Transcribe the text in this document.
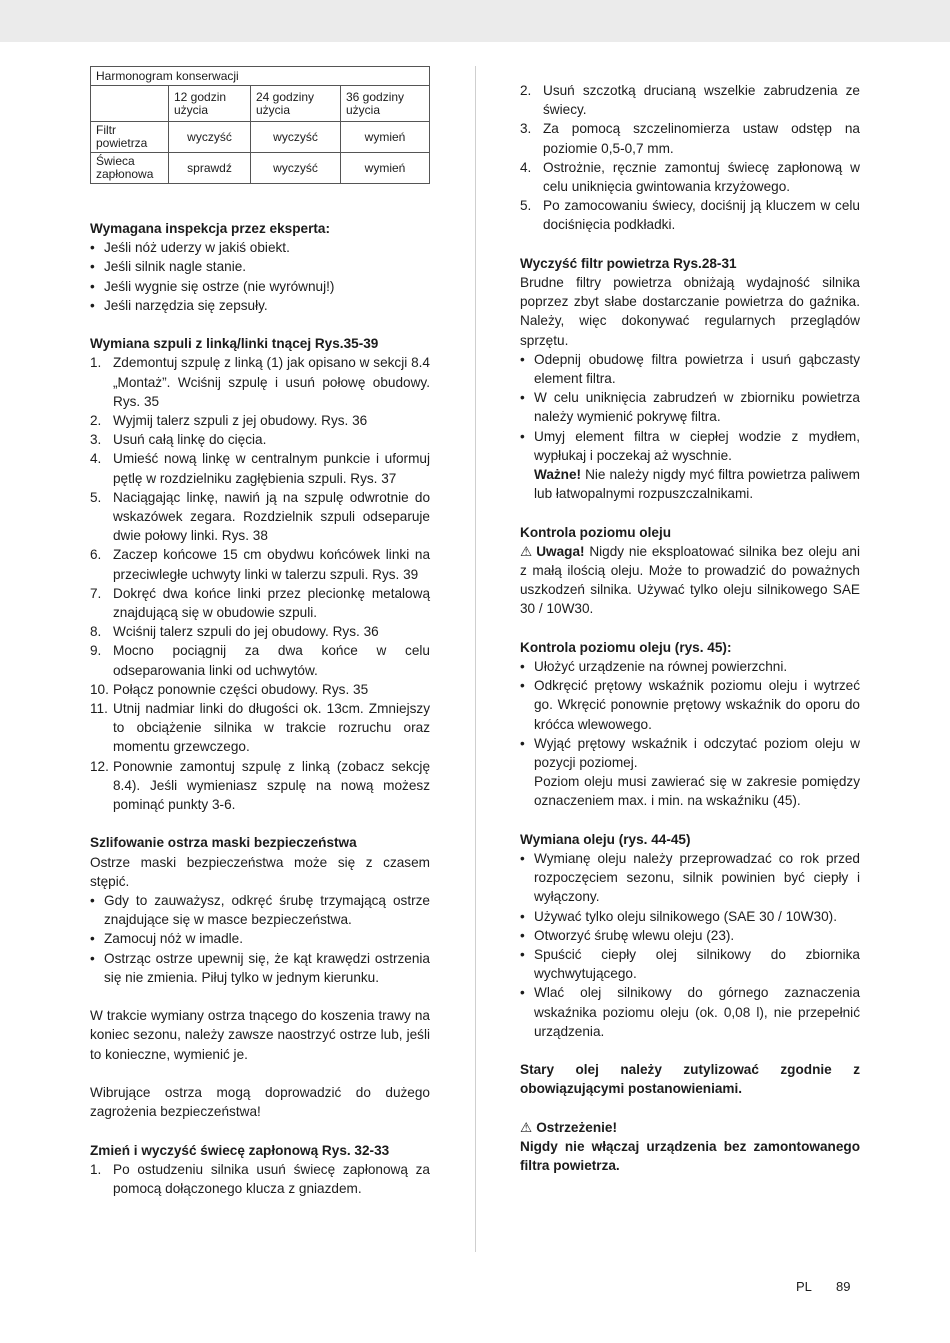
Harmonogram konserwacji			
	12 godzin użycia	24 godziny użycia	36 godziny użycia
Filtr powietrza	wyczyść	wyczyść	wymień
Świeca zapłonowa	sprawdź	wyczyść	wymień
Wymagana inspekcja przez eksperta:
• Jeśli nóż uderzy w jakiś obiekt.
• Jeśli silnik nagle stanie.
• Jeśli wygnie się ostrze (nie wyrównuj!)
• Jeśli narzędzia się zepsuły.
Wymiana szpuli z linką/linki tnącej Rys.35-39
1. Zdemontuj szpulę z linką (1) jak opisano w sekcji 8.4 „Montaż”. Wciśnij szpulę i usuń połowę obudowy. Rys. 35
2. Wyjmij talerz szpuli z jej obudowy. Rys. 36
3. Usuń całą linkę do cięcia.
4. Umieść nową linkę w centralnym punkcie i uformuj pętlę w rozdzielniku zagłębienia szpuli. Rys. 37
5. Naciągając linkę, nawiń ją na szpulę odwrotnie do wskazówek zegara. Rozdzielnik szpuli odseparuje dwie połowy linki. Rys. 38
6. Zaczep końcowe 15 cm obydwu końcówek linki na przeciwległe uchwyty linki w talerzu szpuli. Rys. 39
7. Dokręć dwa końce linki przez plecionkę metalową znajdującą się w obudowie szpuli.
8. Wciśnij talerz szpuli do jej obudowy. Rys. 36
9. Mocno pociągnij za dwa końce w celu odseparowania linki od uchwytów.
10. Połącz ponownie części obudowy. Rys. 35
11. Utnij nadmiar linki do długości ok. 13cm. Zmniejszy to obciążenie silnika w trakcie rozruchu oraz momentu grzewczego.
12. Ponownie zamontuj szpulę z linką (zobacz sekcję 8.4). Jeśli wymieniasz szpulę na nową możesz pominąć punkty 3-6.
Szlifowanie ostrza maski bezpieczeństwa

Ostrze maski bezpieczeństwa może się z czasem stępić.

• Gdy to zauważysz, odkręć śrubę trzymającą ostrze znajdujące się w masce bezpieczeństwa.
• Zamocuj nóż w imadle.
• Ostrząc ostrze upewnij się, że kąt krawędzi ostrzenia się nie zmienia. Piłuj tylko w jednym kierunku.

W trakcie wymiany ostrza tnącego do koszenia trawy na koniec sezonu, należy zawsze naostrzyć ostrze lub, jeśli to konieczne, wymienić je.

Wibrujące ostrza mogą doprowadzić do dużego zagrożenia bezpieczeństwa!

Zmień i wyczyść świecę zapłonową Rys. 32-33
1. Po ostudzeniu silnika usuń świecę zapłonową za pomocą dołączonego klucza z gniazdem.
2. Usuń szczotką drucianą wszelkie zabrudzenia ze świecy.
3. Za pomocą szczelinomierza ustaw odstęp na poziomie 0,5-0,7 mm.
4. Ostrożnie, ręcznie zamontuj świecę zapłonową w celu uniknięcia gwintowania krzyżowego.
5. Po zamocowaniu świecy, dociśnij ją kluczem w celu dociśnięcia podkładki.
Wyczyść filtr powietrza Rys.28-31

Brudne filtry powietrza obniżają wydajność silnika poprzez zbyt słabe dostarczanie powietrza do gaźnika. Należy, więc dokonywać regularnych przeglądów sprzętu.

• Odepnij obudowę filtra powietrza i usuń gąbczasty element filtra.
• W celu uniknięcia zabrudzeń w zbiorniku powietrza należy wymienić pokrywę filtra.
• Umyj element filtra w ciepłej wodzie z mydłem, wypłukaj i poczekaj aż wyschnie.

Ważne! Nie należy nigdy myć filtra powietrza paliwem lub łatwopalnymi rozpuszczalnikami.

Kontrola poziomu oleju

⚠ Uwaga! Nigdy nie eksploatować silnika bez oleju ani z małą ilością oleju. Może to prowadzić do poważnych uszkodzeń silnika. Używać tylko oleju silnikowego SAE 30 / 10W30.

Kontrola poziomu oleju (rys. 45):
• Ułożyć urządzenie na równej powierzchni.
• Odkręcić prętowy wskaźnik poziomu oleju i wytrzeć go. Wkręcić ponownie prętowy wskaźnik do oporu do króćca wlewowego.
• Wyjąć prętowy wskaźnik i odczytać poziom oleju w pozycji poziomej.

Poziom oleju musi zawierać się w zakresie pomiędzy oznaczeniem max. i min. na wskaźniku (45).

Wymiana oleju (rys. 44-45)
• Wymianę oleju należy przeprowadzać co rok przed rozpoczęciem sezonu, silnik powinien być ciepły i wyłączony.
• Używać tylko oleju silnikowego (SAE 30 / 10W30).
• Otworzyć śrubę wlewu oleju (23).
• Spuścić ciepły olej silnikowy do zbiornika wychwytującego.
• Wlać olej silnikowy do górnego zaznaczenia wskaźnika poziomu oleju (ok. 0,08 l), nie przepełnić urządzenia.

Stary olej należy zutylizować zgodnie z obowiązującymi postanowieniami.

⚠ Ostrzeżenie!

Nigdy nie włączaj urządzenia bez zamontowanego filtra powietrza.

PL 89
